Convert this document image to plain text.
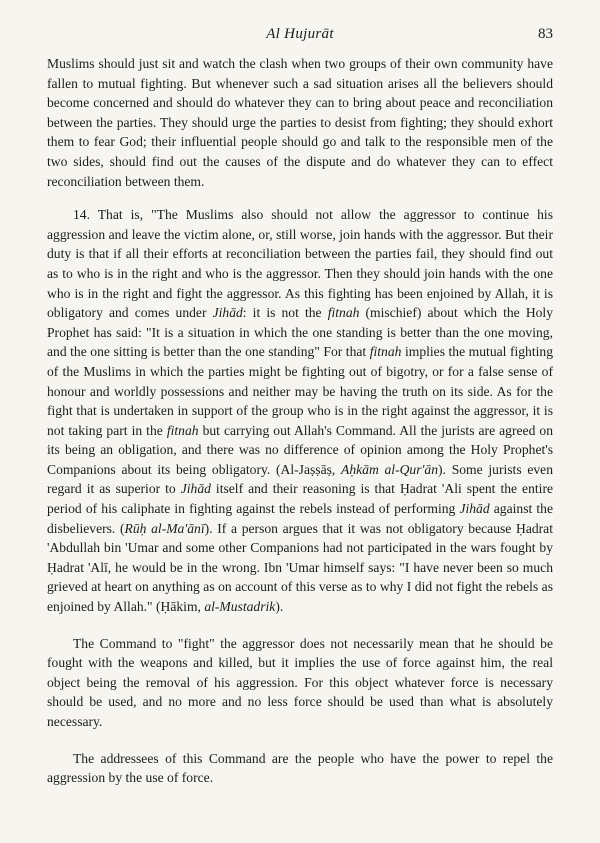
Al Hujurāt	83

Muslims should just sit and watch the clash when two groups of their own community have fallen to mutual fighting. But whenever such a sad situation arises all the believers should become concerned and should do whatever they can to bring about peace and reconciliation between the parties. They should urge the parties to desist from fighting; they should exhort them to fear God; their influential people should go and talk to the responsible men of the two sides, should find out the causes of the dispute and do whatever they can to effect reconciliation between them.

14. That is, "The Muslims also should not allow the aggressor to continue his aggression and leave the victim alone, or, still worse, join hands with the aggressor. But their duty is that if all their efforts at reconciliation between the parties fail, they should find out as to who is in the right and who is the aggressor. Then they should join hands with the one who is in the right and fight the aggressor. As this fighting has been enjoined by Allah, it is obligatory and comes under Jihād: it is not the fitnah (mischief) about which the Holy Prophet has said: "It is a situation in which the one standing is better than the one moving, and the one sitting is better than the one standing" For that fitnah implies the mutual fighting of the Muslims in which the parties might be fighting out of bigotry, or for a false sense of honour and worldly possessions and neither may be having the truth on its side. As for the fight that is undertaken in support of the group who is in the right against the aggressor, it is not taking part in the fitnah but carrying out Allah's Command. All the jurists are agreed on its being an obligation, and there was no difference of opinion among the Holy Prophet's Companions about its being obligatory. (Al-Jaṣṣāṣ, Aḥkām al-Qur'ān). Some jurists even regard it as superior to Jihād itself and their reasoning is that Ḥadrat 'Ali spent the entire period of his caliphate in fighting against the rebels instead of performing Jihād against the disbelievers. (Rūḥ al-Ma'ānī). If a person argues that it was not obligatory because Ḥadrat 'Abdullah bin 'Umar and some other Companions had not participated in the wars fought by Ḥadrat 'Alī, he would be in the wrong. Ibn 'Umar himself says: "I have never been so much grieved at heart on anything as on account of this verse as to why I did not fight the rebels as enjoined by Allah." (Ḥākim, al-Mustadrik).

The Command to "fight" the aggressor does not necessarily mean that he should be fought with the weapons and killed, but it implies the use of force against him, the real object being the removal of his aggression. For this object whatever force is necessary should be used, and no more and no less force should be used than what is absolutely necessary.

The addressees of this Command are the people who have the power to repel the aggression by the use of force.
